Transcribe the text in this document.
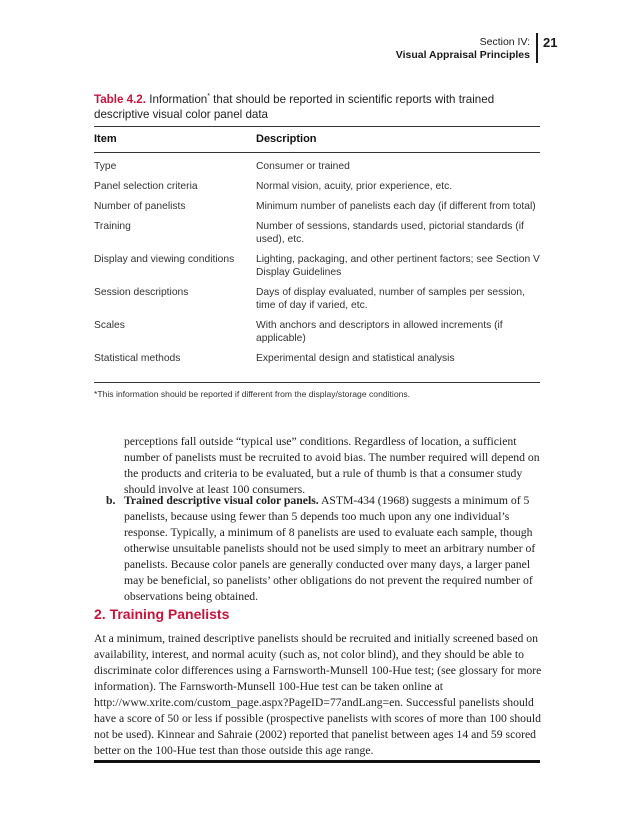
Section IV:
Visual Appraisal Principles
21
Table 4.2. Information* that should be reported in scientific reports with trained descriptive visual color panel data
Item	Description
Type	Consumer or trained
Panel selection criteria	Normal vision, acuity, prior experience, etc.
Number of panelists	Minimum number of panelists each day (if different from total)
Training	Number of sessions, standards used, pictorial standards (if used), etc.
Display and viewing conditions	Lighting, packaging, and other pertinent factors; see Section V Display Guidelines
Session descriptions	Days of display evaluated, number of samples per session, time of day if varied, etc.
Scales	With anchors and descriptors in allowed increments (if applicable)
Statistical methods	Experimental design and statistical analysis
*This information should be reported if different from the display/storage conditions.
perceptions fall outside “typical use” conditions. Regardless of location, a sufficient number of panelists must be recruited to avoid bias. The number required will depend on the products and criteria to be evaluated, but a rule of thumb is that a consumer study should involve at least 100 consumers.
b. Trained descriptive visual color panels. ASTM-434 (1968) suggests a minimum of 5 panelists, because using fewer than 5 depends too much upon any one individual’s response. Typically, a minimum of 8 panelists are used to evaluate each sample, though otherwise unsuitable panelists should not be used simply to meet an arbitrary number of panelists. Because color panels are generally conducted over many days, a larger panel may be beneficial, so panelists’ other obligations do not prevent the required number of observations being obtained.
2. Training Panelists
At a minimum, trained descriptive panelists should be recruited and initially screened based on availability, interest, and normal acuity (such as, not color blind), and they should be able to discriminate color differences using a Farnsworth-Munsell 100-Hue test; (see glossary for more information). The Farnsworth-Munsell 100-Hue test can be taken online at http://www.xrite.com/custom_page.aspx?PageID=77andLang=en. Successful panelists should have a score of 50 or less if possible (prospective panelists with scores of more than 100 should not be used). Kinnear and Sahraie (2002) reported that panelist between ages 14 and 59 scored better on the 100-Hue test than those outside this age range.
